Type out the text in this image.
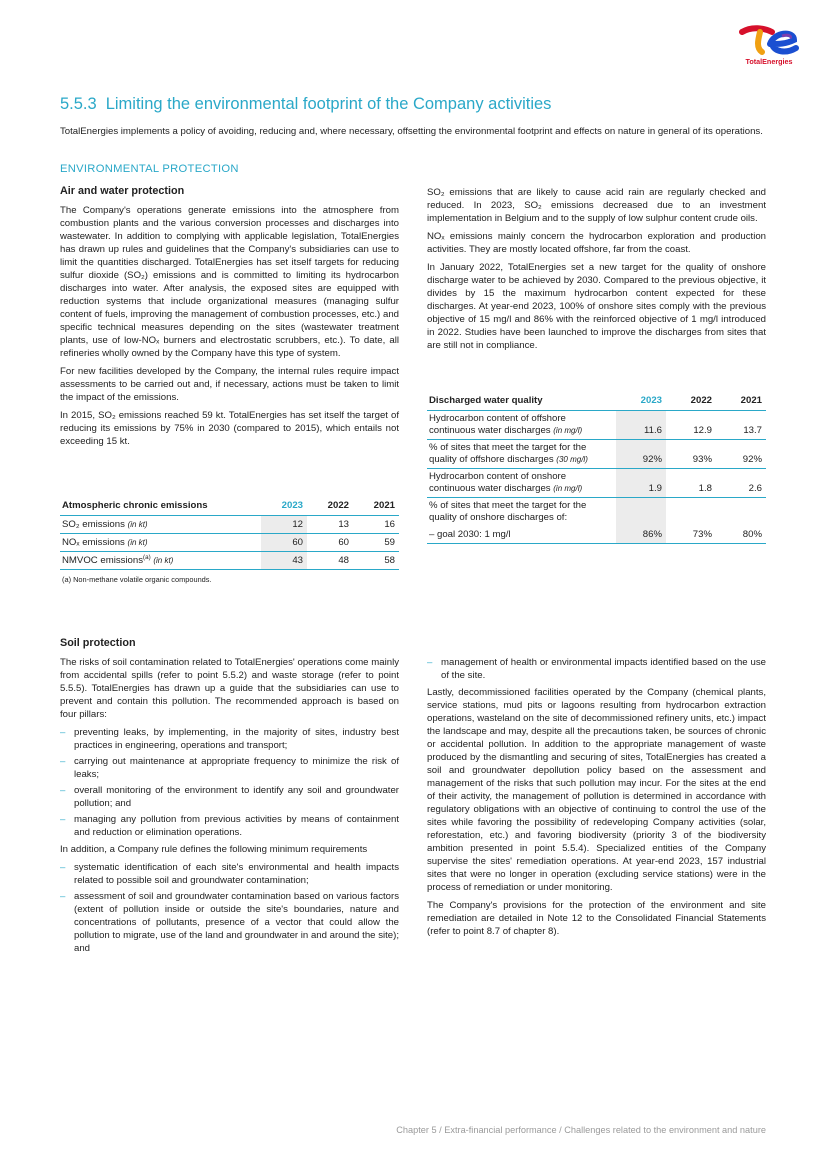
TotalEnergies
5.5.3 Limiting the environmental footprint of the Company activities
TotalEnergies implements a policy of avoiding, reducing and, where necessary, offsetting the environmental footprint and effects on nature in general of its operations.
ENVIRONMENTAL PROTECTION
Air and water protection

The Company's operations generate emissions into the atmosphere from combustion plants and the various conversion processes and discharges into wastewater. In addition to complying with applicable legislation, TotalEnergies has drawn up rules and guidelines that the Company's subsidiaries can use to limit the quantities discharged. TotalEnergies has set itself targets for reducing sulfur dioxide (SO₂) emissions and is committed to limiting its hydrocarbon discharges into water. After analysis, the exposed sites are equipped with reduction systems that include organizational measures (managing sulfur content of fuels, improving the management of combustion processes, etc.) and specific technical measures depending on the sites (wastewater treatment plants, use of low-NOₓ burners and electrostatic scrubbers, etc.). To date, all refineries wholly owned by the Company have this type of system.

For new facilities developed by the Company, the internal rules require impact assessments to be carried out and, if necessary, actions must be taken to limit the impact of the emissions.

In 2015, SO₂ emissions reached 59 kt. TotalEnergies has set itself the target of reducing its emissions by 75% in 2030 (compared to 2015), which entails not exceeding 15 kt.

Atmospheric chronic emissions	2023	2022	2021
SO₂ emissions (in kt)	12	13	16
NOₓ emissions (in kt)	60	60	59
NMVOC emissions$^{(a)}$ (in kt)	43	48	58
(a) Non-methane volatile organic compounds.

SO₂ emissions that are likely to cause acid rain are regularly checked and reduced. In 2023, SO₂ emissions decreased due to an investment implementation in Belgium and to the supply of low sulphur content crude oils.

NOₓ emissions mainly concern the hydrocarbon exploration and production activities. They are mostly located offshore, far from the coast.

In January 2022, TotalEnergies set a new target for the quality of onshore discharge water to be achieved by 2030. Compared to the previous objective, it divides by 15 the maximum hydrocarbon content expected for these discharges. At year-end 2023, 100% of onshore sites comply with the previous objective of 15 mg/l and 86% with the reinforced objective of 1 mg/l introduced in 2022. Studies have been launched to improve the discharges from sites that are still not in compliance.

Discharged water quality	2023	2022	2021
Hydrocarbon content of offshore continuous water discharges (in mg/l)	11.6	12.9	13.7
% of sites that meet the target for the quality of offshore discharges (30 mg/l)	92%	93%	92%
Hydrocarbon content of onshore continuous water discharges (in mg/l)	1.9	1.8	2.6
% of sites that meet the target for the quality of onshore discharges of:			
– goal 2030: 1 mg/l	86%	73%	80%
Soil protection

The risks of soil contamination related to TotalEnergies' operations come mainly from accidental spills (refer to point 5.5.2) and waste storage (refer to point 5.5.5). TotalEnergies has drawn up a guide that the subsidiaries can use to prevent and contain this pollution. The recommended approach is based on four pillars:

– preventing leaks, by implementing, in the majority of sites, industry best practices in engineering, operations and transport;
– carrying out maintenance at appropriate frequency to minimize the risk of leaks;
– overall monitoring of the environment to identify any soil and groundwater pollution; and
– managing any pollution from previous activities by means of containment and reduction or elimination operations.

In addition, a Company rule defines the following minimum requirements

– systematic identification of each site's environmental and health impacts related to possible soil and groundwater contamination;
– assessment of soil and groundwater contamination based on various factors (extent of pollution inside or outside the site's boundaries, nature and concentrations of pollutants, presence of a vector that could allow the pollution to migrate, use of the land and groundwater in and around the site); and
– management of health or environmental impacts identified based on the use of the site.

Lastly, decommissioned facilities operated by the Company (chemical plants, service stations, mud pits or lagoons resulting from hydrocarbon extraction operations, wasteland on the site of decommissioned refinery units, etc.) impact the landscape and may, despite all the precautions taken, be sources of chronic or accidental pollution. In addition to the appropriate management of waste produced by the dismantling and securing of sites, TotalEnergies has created a soil and groundwater depollution policy based on the assessment and management of the risks that such pollution may incur. For the sites at the end of their activity, the management of pollution is determined in accordance with regulatory obligations with an objective of continuing to control the use of the sites while favoring the possibility of redeveloping Company activities (solar, reforestation, etc.) and favoring biodiversity (priority 3 of the biodiversity ambition presented in point 5.5.4). Specialized entities of the Company supervise the sites' remediation operations. At year-end 2023, 157 industrial sites that were no longer in operation (excluding service stations) were in the process of remediation or under monitoring.

The Company's provisions for the protection of the environment and site remediation are detailed in Note 12 to the Consolidated Financial Statements (refer to point 8.7 of chapter 8).

Chapter 5 / Extra-financial performance / Challenges related to the environment and nature
